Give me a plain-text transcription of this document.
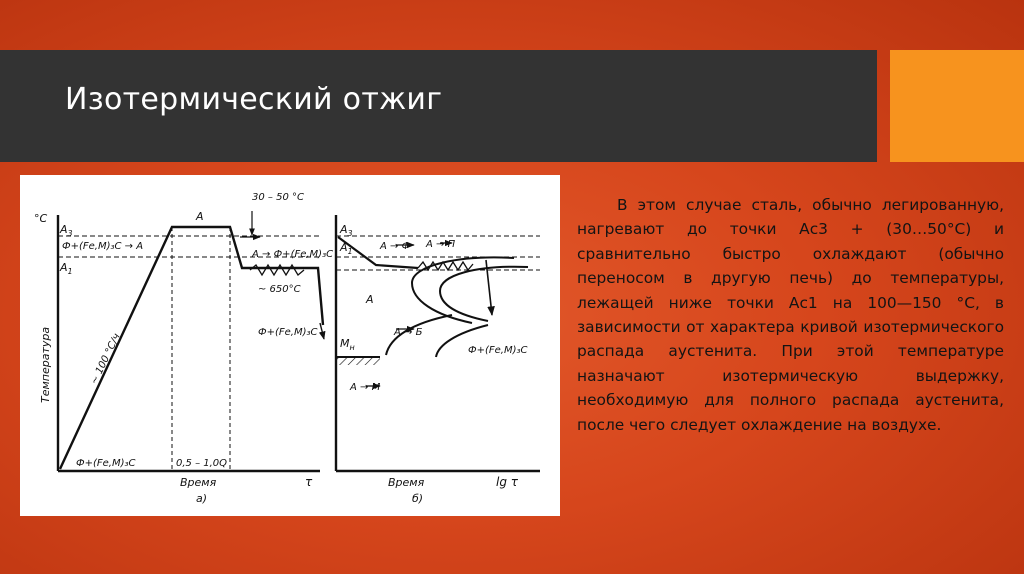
Изотермический отжиг
°C
$A_3$
$A_1$
Ф+(Fe,M)₃C → A
A
30 – 50 °C
A → Ф+(Fe,M)₃C
~ 650°C
Ф+(Fe,M)₃C
~ 100 °C/ч
Температура
Ф+(Fe,M)₃C	0,5 – 1,0Q
Время	τ
а)
$A_3$
$A_1$	A → Ф A → П
A
A → Б
$M_н$
A → M
Ф+(Fe,M)₃C
Время	lg τ
б)

В этом случае сталь, обычно легированную, нагревают до точки Ас3 + (30…50°С) и сравнительно быстро охлаждают (обычно переносом в другую печь) до температуры, лежащей ниже точки Ас1 на 100—150 °С, в зависимости от характера кривой изотермического распада аустенита. При этой температуре назначают изотермическую выдержку, необходимую для полного распада аустенита, после чего следует охлаждение на воздухе.
